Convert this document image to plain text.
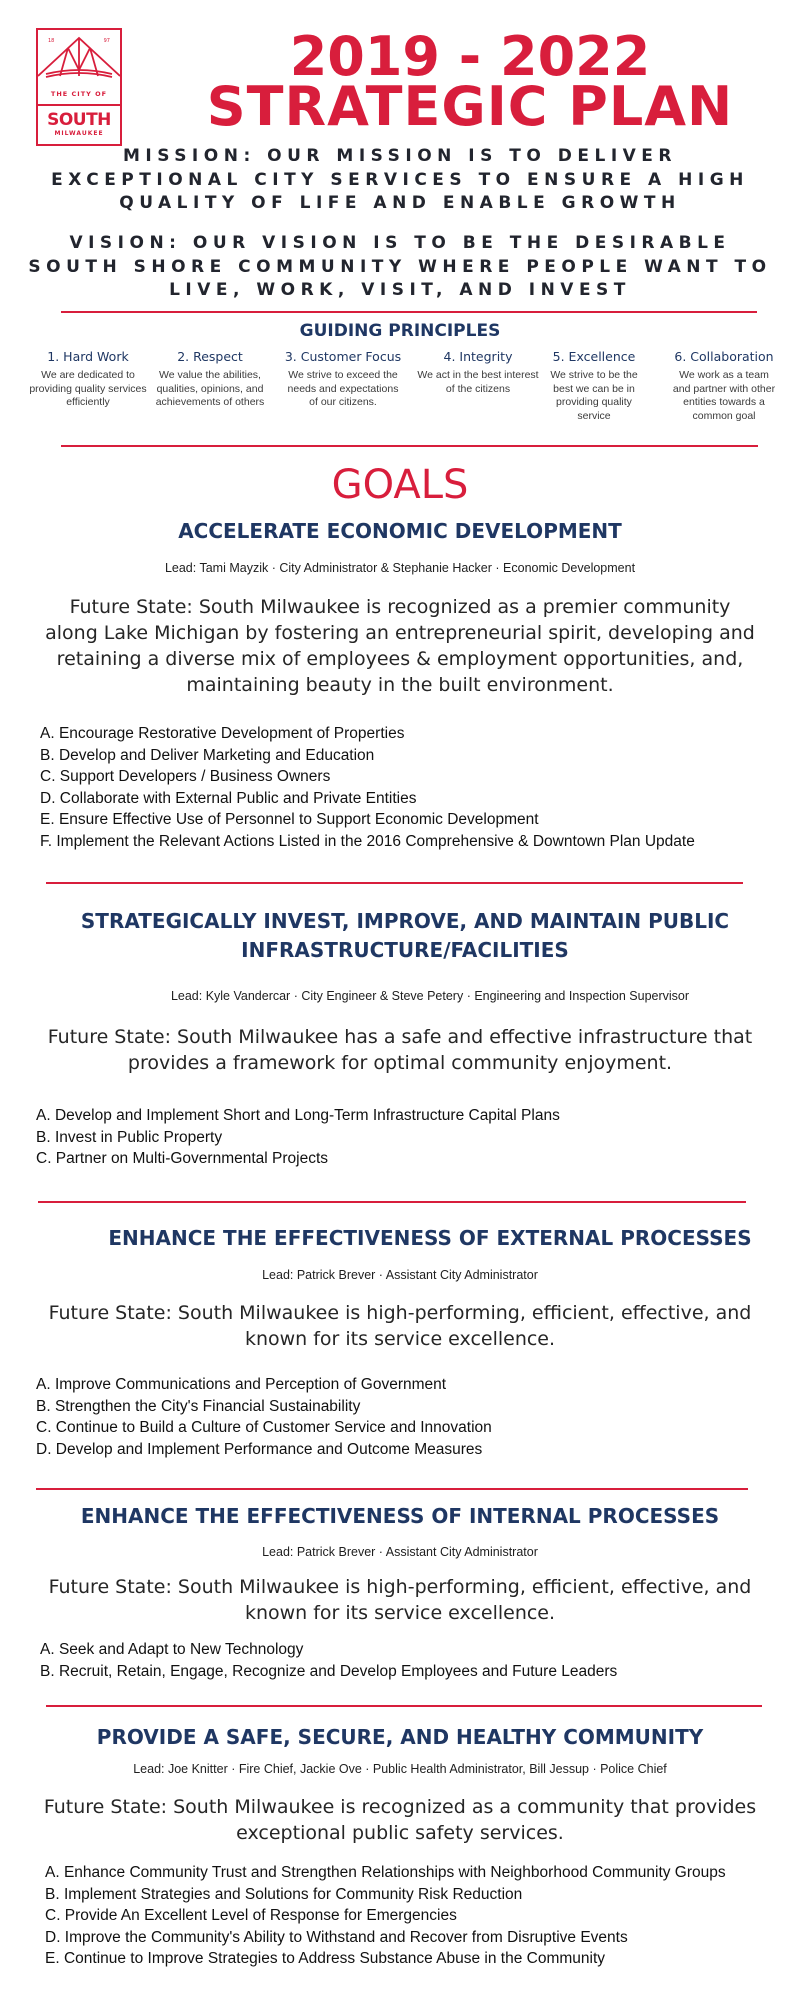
18	97
THE CITY OF
SOUTH
MILWAUKEE
2019 - 2022
STRATEGIC PLAN
MISSION: OUR MISSION IS TO DELIVER
EXCEPTIONAL CITY SERVICES TO ENSURE A HIGH
QUALITY OF LIFE AND ENABLE GROWTH
VISION: OUR VISION IS TO BE THE DESIRABLE
SOUTH SHORE COMMUNITY WHERE PEOPLE WANT TO
LIVE, WORK, VISIT, AND INVEST
GUIDING PRINCIPLES
1. Hard Work
We are dedicated to providing quality services efficiently
2. Respect
We value the abilities, qualities, opinions, and achievements of others
3. Customer Focus
We strive to exceed the needs and expectations of our citizens.
4. Integrity
We act in the best interest of the citizens
5. Excellence
We strive to be the best we can be in providing quality service
6. Collaboration
We work as a team and partner with other entities towards a common goal
GOALS
ACCELERATE ECONOMIC DEVELOPMENT
Lead: Tami Mayzik · City Administrator & Stephanie Hacker · Economic Development
Future State: South Milwaukee is recognized as a premier community along Lake Michigan by fostering an entrepreneurial spirit, developing and retaining a diverse mix of employees & employment opportunities, and, maintaining beauty in the built environment.
A. Encourage Restorative Development of Properties
B. Develop and Deliver Marketing and Education
C. Support Developers / Business Owners
D. Collaborate with External Public and Private Entities
E. Ensure Effective Use of Personnel to Support Economic Development
F. Implement the Relevant Actions Listed in the 2016 Comprehensive & Downtown Plan Update
STRATEGICALLY INVEST, IMPROVE, AND MAINTAIN PUBLIC INFRASTRUCTURE/FACILITIES
Lead: Kyle Vandercar · City Engineer & Steve Petery · Engineering and Inspection Supervisor
Future State: South Milwaukee has a safe and effective infrastructure that provides a framework for optimal community enjoyment.
A. Develop and Implement Short and Long-Term Infrastructure Capital Plans
B. Invest in Public Property
C. Partner on Multi-Governmental Projects
ENHANCE THE EFFECTIVENESS OF EXTERNAL PROCESSES
Lead: Patrick Brever · Assistant City Administrator
Future State: South Milwaukee is high-performing, efficient, effective, and known for its service excellence.
A. Improve Communications and Perception of Government
B. Strengthen the City's Financial Sustainability
C. Continue to Build a Culture of Customer Service and Innovation
D. Develop and Implement Performance and Outcome Measures
ENHANCE THE EFFECTIVENESS OF INTERNAL PROCESSES
Lead: Patrick Brever · Assistant City Administrator
Future State: South Milwaukee is high-performing, efficient, effective, and known for its service excellence.
A. Seek and Adapt to New Technology
B. Recruit, Retain, Engage, Recognize and Develop Employees and Future Leaders
PROVIDE A SAFE, SECURE, AND HEALTHY COMMUNITY
Lead: Joe Knitter · Fire Chief, Jackie Ove · Public Health Administrator, Bill Jessup · Police Chief
Future State: South Milwaukee is recognized as a community that provides exceptional public safety services.
A. Enhance Community Trust and Strengthen Relationships with Neighborhood Community Groups
B. Implement Strategies and Solutions for Community Risk Reduction
C. Provide An Excellent Level of Response for Emergencies
D. Improve the Community's Ability to Withstand and Recover from Disruptive Events
E. Continue to Improve Strategies to Address Substance Abuse in the Community
